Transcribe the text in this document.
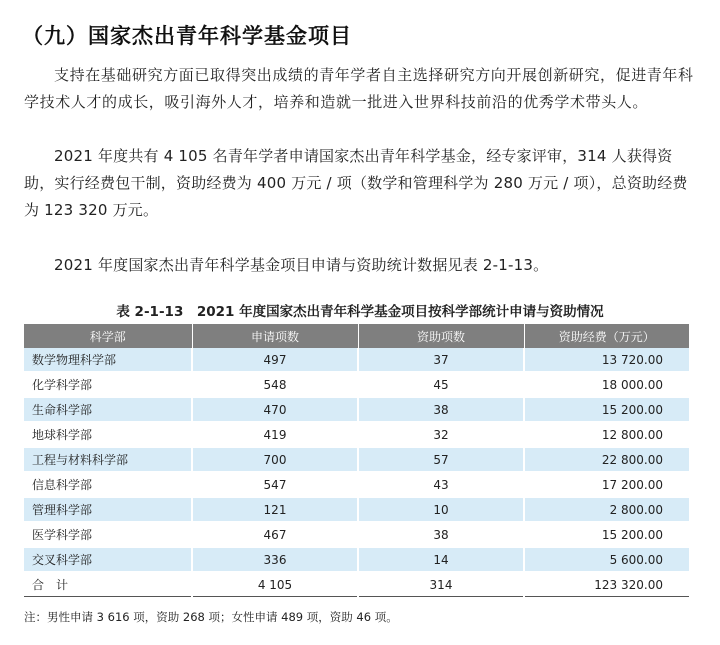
（九）国家杰出青年科学基金项目
支持在基础研究方面已取得突出成绩的青年学者自主选择研究方向开展创新研究，促进青年科学技术人才的成长，吸引海外人才，培养和造就一批进入世界科技前沿的优秀学术带头人。
2021 年度共有 4 105 名青年学者申请国家杰出青年科学基金，经专家评审，314 人获得资助，实行经费包干制，资助经费为 400 万元 / 项（数学和管理科学为 280 万元 / 项），总资助经费为 123 320 万元。
2021 年度国家杰出青年科学基金项目申请与资助统计数据见表 2-1-13。
表 2-1-13　2021 年度国家杰出青年科学基金项目按科学部统计申请与资助情况
科学部	申请项数	资助项数	资助经费（万元）
数学物理科学部	497	37	13 720.00
化学科学部	548	45	18 000.00
生命科学部	470	38	15 200.00
地球科学部	419	32	12 800.00
工程与材料科学部	700	57	22 800.00
信息科学部	547	43	17 200.00
管理科学部	121	10	2 800.00
医学科学部	467	38	15 200.00
交叉科学部	336	14	5 600.00
合　计	4 105	314	123 320.00
注：男性申请 3 616 项，资助 268 项；女性申请 489 项，资助 46 项。
